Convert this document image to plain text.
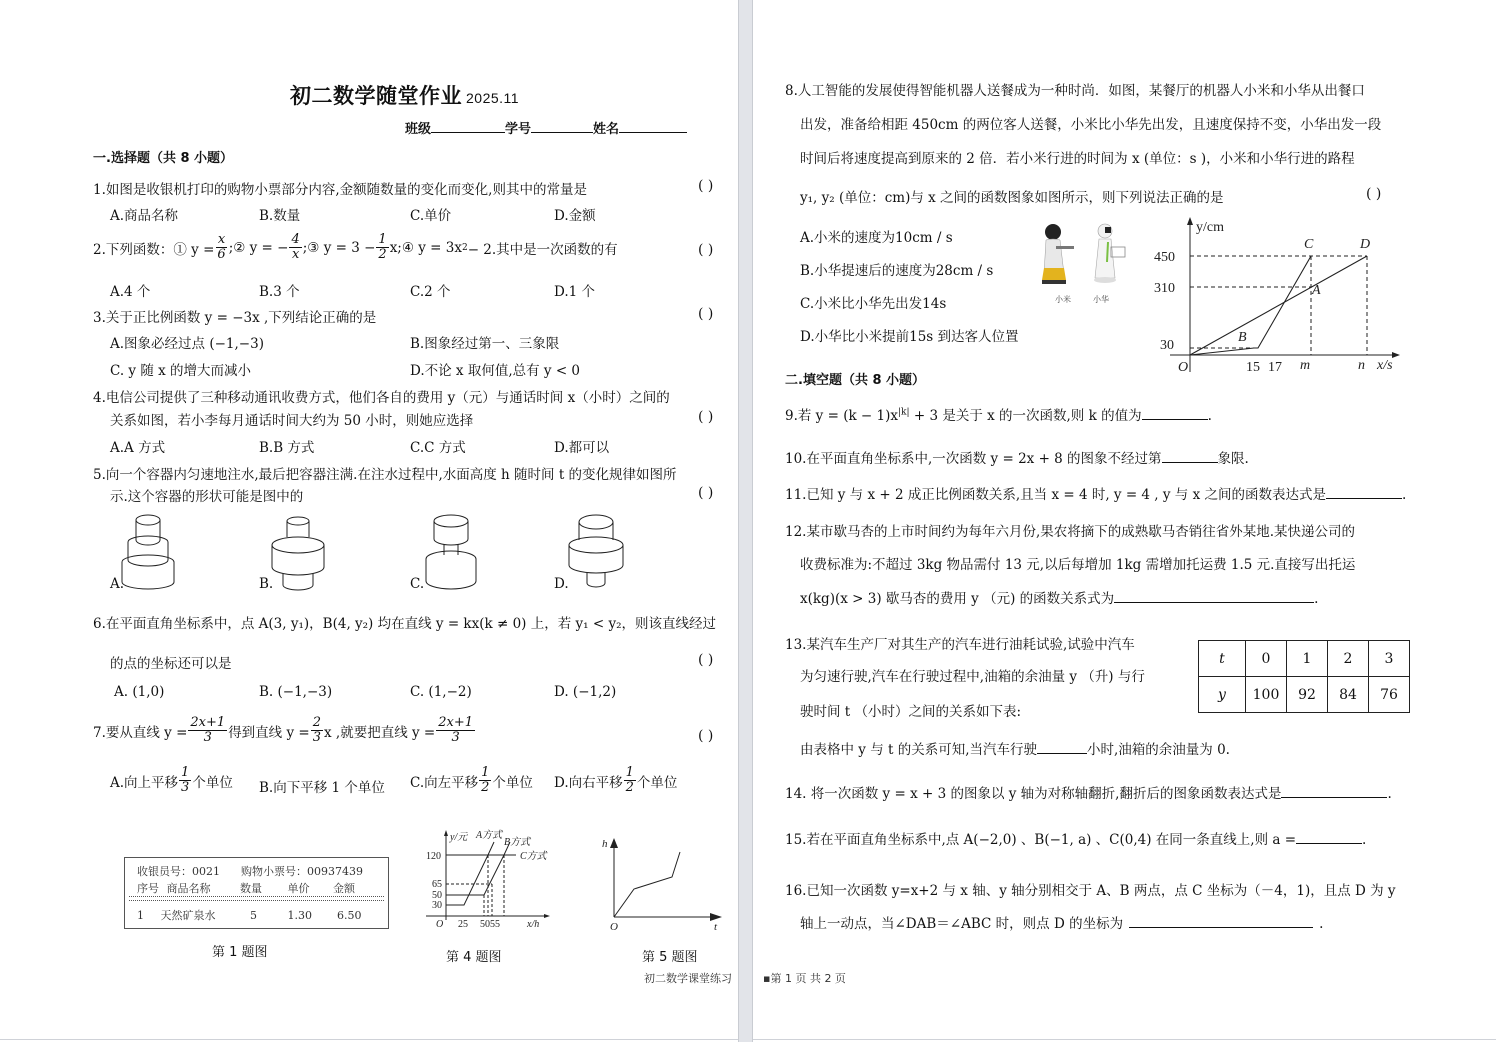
初二数学随堂作业 2025.11
班级	学号	姓名
一.选择题（共 8 小题）
1.如图是收银机打印的购物小票部分内容,金额随数量的变化而变化,则其中的常量是	( )
A.商品名称	B.数量	C.单价	D.金额
2.下列函数：① $y = \frac{x}{6}$ ;② y = − $\frac{4}{x}$ ;③ $y = 3 - \frac{1}{2}$ x;④ y = 3x 2 − 2.其中是一次函数的有	( )
A.4 个	B.3 个	C.2 个	D.1 个
3.关于正比例函数 y = −3x ,下列结论正确的是	( )
A.图象必经过点 (−1,−3)	B.图象经过第一、三象限
C. y 随 x 的增大而减小	D.不论 x 取何值,总有 y < 0
4.电信公司提供了三种移动通讯收费方式，他们各自的费用 y（元）与通话时间 x（小时）之间的
关系如图，若小李每月通话时间大约为 50 小时，则她应选择	( )
A.A 方式	B.B 方式	C.C 方式	D.都可以
5.向一个容器内匀速地注水,最后把容器注满.在注水过程中,水面高度 h 随时间 t 的变化规律如图所
示.这个容器的形状可能是图中的	( )
A.	B.	C.	D.
6.在平面直角坐标系中，点 A(3, y₁)，B(4, y₂) 均在直线 y = kx(k ≠ 0) 上，若 y₁ < y₂，则该直线经过
的点的坐标还可以是	( )
A. (1,0)	B. (−1,−3)	C. (1,−2)	D. (−1,2)
7.要从直线 $y = \frac{2x+1}{3}$ 得到直线 $y = \frac{2}{3}$ x ,就要把直线 $y = \frac{2x+1}{3}$	( )
A.向上平移 $\frac{1}{3}$ 个单位 B.向下平移 1 个单位 C.向左平移 $\frac{1}{2}$ 个单位 D.向右平移 $\frac{1}{2}$ 个单位
收银员号：0021 购物小票号：00937439
序号 商品名称	数量 单价 金额
1 天然矿泉水	5	1.30 6.50
第 1 题图
y/元 A方式
B方式
C方式
120
65
50
30
O 25 5055	x/h
第 4 题图
h
O	t
第 5 题图
初二数学课堂练习
8.人工智能的发展使得智能机器人送餐成为一种时尚．如图，某餐厅的机器人小米和小华从出餐口
出发，准备给相距 450cm 的两位客人送餐，小米比小华先出发，且速度保持不变，小华出发一段
时间后将速度提高到原来的 2 倍．若小米行进的时间为 x (单位：s )，小米和小华行进的路程
y₁, y₂ (单位：cm)与 x 之间的函数图象如图所示，则下列说法正确的是	( )
A.小米的速度为10cm / s
B.小华提速后的速度为28cm / s
C.小米比小华先出发14s
D.小华比小米提前15s 到达客人位置
小米	小华
y/cm
450
310
30
O	15 17 m	n x/s
C	D
A
B
二.填空题（共 8 小题）
9.若 $y = (k - 1)x^{|k|} + 3$ 是关于 x 的一次函数,则 k 的值为	.
10.在平面直角坐标系中,一次函数 y = 2x + 8 的图象不经过第	象限.
11.已知 y 与 x + 2 成正比例函数关系,且当 x = 4 时, y = 4 , y 与 x 之间的函数表达式是	.
12.某市歇马杏的上市时间约为每年六月份,果农将摘下的成熟歇马杏销往省外某地.某快递公司的
收费标准为:不超过 3kg 物品需付 13 元,以后每增加 1kg 需增加托运费 1.5 元.直接写出托运
x(kg)(x > 3) 歇马杏的费用 y （元) 的函数关系式为	.
13.某汽车生产厂对其生产的汽车进行油耗试验,试验中汽车
为匀速行驶,汽车在行驶过程中,油箱的余油量 y （升) 与行
驶时间 t （小时）之间的关系如下表:
t	0	1	2	3
y	100	92	84	76
由表格中 y 与 t 的关系可知,当汽车行驶	小时,油箱的余油量为 0.
14. 将一次函数 y = x + 3 的图象以 y 轴为对称轴翻折,翻折后的图象函数表达式是	.
15.若在平面直角坐标系中,点 A(−2,0) 、B(−1, a) 、C(0,4) 在同一条直线上,则 a =	.
16.已知一次函数 y=x+2 与 x 轴、y 轴分别相交于 A、B 两点，点 C 坐标为（－4，1)，且点 D 为 y
轴上一动点，当∠DAB＝∠ABC 时，则点 D 的坐标为	.
▪第 1 页 共 2 页
